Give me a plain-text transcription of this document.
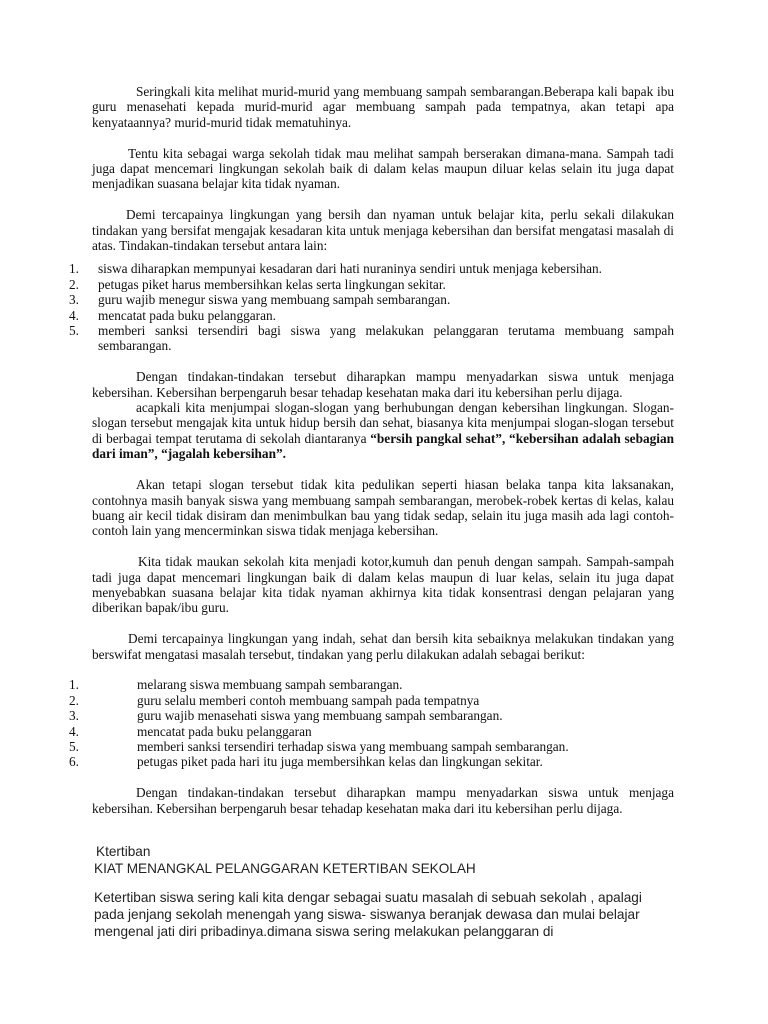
Seringkali kita melihat murid-murid yang membuang sampah sembarangan.Beberapa kali bapak ibu guru menasehati kepada murid-murid agar membuang sampah pada tempatnya, akan tetapi apa kenyataannya? murid-murid tidak mematuhinya.

Tentu kita sebagai warga sekolah tidak mau melihat sampah berserakan dimana-mana. Sampah tadi juga dapat mencemari lingkungan sekolah baik di dalam kelas maupun diluar kelas selain itu juga dapat menjadikan suasana belajar kita tidak nyaman.

Demi tercapainya lingkungan yang bersih dan nyaman untuk belajar kita, perlu sekali dilakukan tindakan yang bersifat mengajak kesadaran kita untuk menjaga kebersihan dan bersifat mengatasi masalah di atas. Tindakan-tindakan tersebut antara lain:

1.	siswa diharapkan mempunyai kesadaran dari hati nuraninya sendiri untuk menjaga kebersihan.
2.	petugas piket harus membersihkan kelas serta lingkungan sekitar.
3.	guru wajib menegur siswa yang membuang sampah sembarangan.
4.	mencatat pada buku pelanggaran.
5.	memberi sanksi tersendiri bagi siswa yang melakukan pelanggaran terutama membuang sampah sembarangan.

Dengan tindakan-tindakan tersebut diharapkan mampu menyadarkan siswa untuk menjaga kebersihan. Kebersihan berpengaruh besar tehadap kesehatan maka dari itu kebersihan perlu dijaga.

acapkali kita menjumpai slogan-slogan yang berhubungan dengan kebersihan lingkungan. Slogan-slogan tersebut mengajak kita untuk hidup bersih dan sehat, biasanya kita menjumpai slogan-slogan tersebut di berbagai tempat terutama di sekolah diantaranya “bersih pangkal sehat”, “kebersihan adalah sebagian dari iman”, “jagalah kebersihan”.

Akan tetapi slogan tersebut tidak kita pedulikan seperti hiasan belaka tanpa kita laksanakan, contohnya masih banyak siswa yang membuang sampah sembarangan, merobek-robek kertas di kelas, kalau buang air kecil tidak disiram dan menimbulkan bau yang tidak sedap, selain itu juga masih ada lagi contoh-contoh lain yang mencerminkan siswa tidak menjaga kebersihan.

Kita tidak maukan sekolah kita menjadi kotor,kumuh dan penuh dengan sampah. Sampah-sampah tadi juga dapat mencemari lingkungan baik di dalam kelas maupun di luar kelas, selain itu juga dapat menyebabkan suasana belajar kita tidak nyaman akhirnya kita tidak konsentrasi dengan pelajaran yang diberikan bapak/ibu guru.

Demi tercapainya lingkungan yang indah, sehat dan bersih kita sebaiknya melakukan tindakan yang berswifat mengatasi masalah tersebut, tindakan yang perlu dilakukan adalah sebagai berikut:

1.	melarang siswa membuang sampah sembarangan.
2.	guru selalu memberi contoh membuang sampah pada tempatnya
3.	guru wajib menasehati siswa yang membuang sampah sembarangan.
4.	mencatat pada buku pelanggaran
5.	memberi sanksi tersendiri terhadap siswa yang membuang sampah sembarangan.
6.	petugas piket pada hari itu juga membersihkan kelas dan lingkungan sekitar.

Dengan tindakan-tindakan tersebut diharapkan mampu menyadarkan siswa untuk menjaga kebersihan. Kebersihan berpengaruh besar tehadap kesehatan maka dari itu kebersihan perlu dijaga.

Ktertiban

KIAT MENANGKAL PELANGGARAN KETERTIBAN SEKOLAH

Ketertiban siswa sering kali kita dengar sebagai suatu masalah di sebuah sekolah , apalagi pada jenjang sekolah menengah yang siswa- siswanya beranjak dewasa dan mulai belajar mengenal jati diri pribadinya.dimana siswa sering melakukan pelanggaran di
